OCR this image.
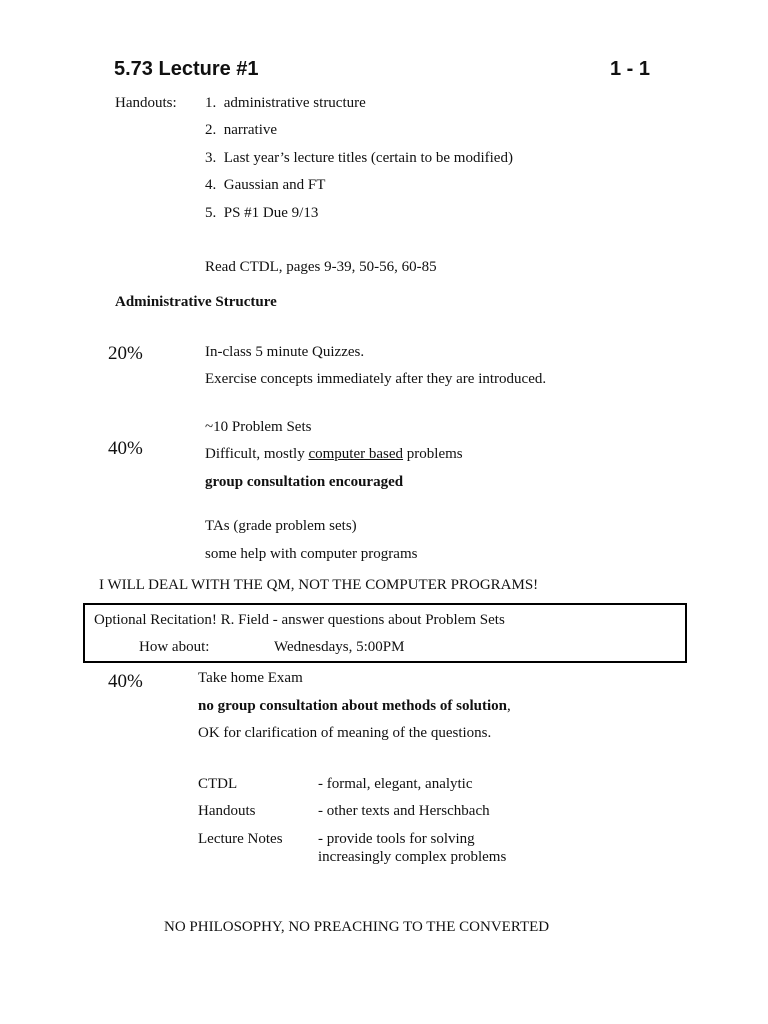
5.73 Lecture #1	1 - 1
Handouts: 1. administrative structure
2. narrative
3. Last year’s lecture titles (certain to be modified)
4. Gaussian and FT
5. PS #1 Due 9/13
Read CTDL, pages 9-39, 50-56, 60-85
Administrative Structure
20%	In-class 5 minute Quizzes.
Exercise concepts immediately after they are introduced.
~10 Problem Sets
40%	Difficult, mostly computer based problems
group consultation encouraged
TAs (grade problem sets)
some help with computer programs
I WILL DEAL WITH THE QM, NOT THE COMPUTER PROGRAMS!
Optional Recitation! R. Field - answer questions about Problem Sets
How about:	Wednesdays, 5:00PM
40%	Take home Exam
no group consultation about methods of solution,
OK for clarification of meaning of the questions.
CTDL	- formal, elegant, analytic
Handouts	- other texts and Herschbach
Lecture Notes - provide tools for solving
increasingly complex problems
NO PHILOSOPHY, NO PREACHING TO THE CONVERTED
